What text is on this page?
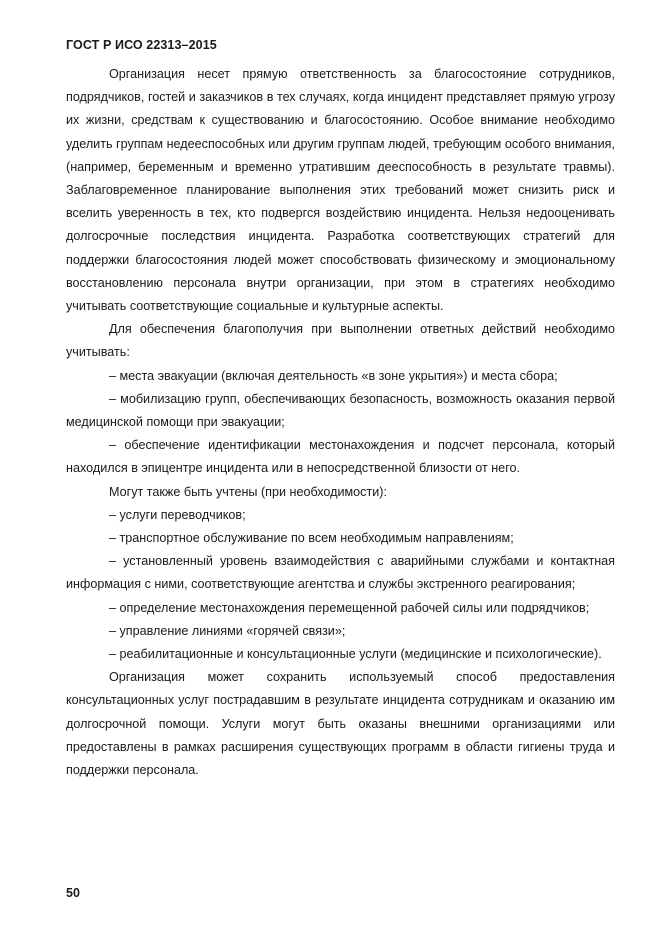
ГОСТ Р ИСО 22313–2015

Организация несет прямую ответственность за благосостояние сотрудников, подрядчиков, гостей и заказчиков в тех случаях, когда инцидент представляет прямую угрозу их жизни, средствам к существованию и благосостоянию. Особое внимание необходимо уделить группам недееспособных или другим группам людей, требующим особого внимания, (например, беременным и временно утратившим дееспособность в результате травмы). Заблаговременное планирование выполнения этих требований может снизить риск и вселить уверенность в тех, кто подвергся воздействию инцидента. Нельзя недооценивать долгосрочные последствия инцидента. Разработка соответствующих стратегий для поддержки благосостояния людей может способствовать физическому и эмоциональному восстановлению персонала внутри организации, при этом в стратегиях необходимо учитывать соответствующие социальные и культурные аспекты.

Для обеспечения благополучия при выполнении ответных действий необходимо учитывать:

– места эвакуации (включая деятельность «в зоне укрытия») и места сбора;

– мобилизацию групп, обеспечивающих безопасность, возможность оказания первой медицинской помощи при эвакуации;

– обеспечение идентификации местонахождения и подсчет персонала, который находился в эпицентре инцидента или в непосредственной близости от него.

Могут также быть учтены (при необходимости):

– услуги переводчиков;

– транспортное обслуживание по всем необходимым направлениям;

– установленный уровень взаимодействия с аварийными службами и контактная информация с ними, соответствующие агентства и службы экстренного реагирования;

– определение местонахождения перемещенной рабочей силы или подрядчиков;

– управление линиями «горячей связи»;

– реабилитационные и консультационные услуги (медицинские и психологические).

Организация может сохранить используемый способ предоставления консультационных услуг пострадавшим в результате инцидента сотрудникам и оказанию им долгосрочной помощи. Услуги могут быть оказаны внешними организациями или предоставлены в рамках расширения существующих программ в области гигиены труда и поддержки персонала.

50
